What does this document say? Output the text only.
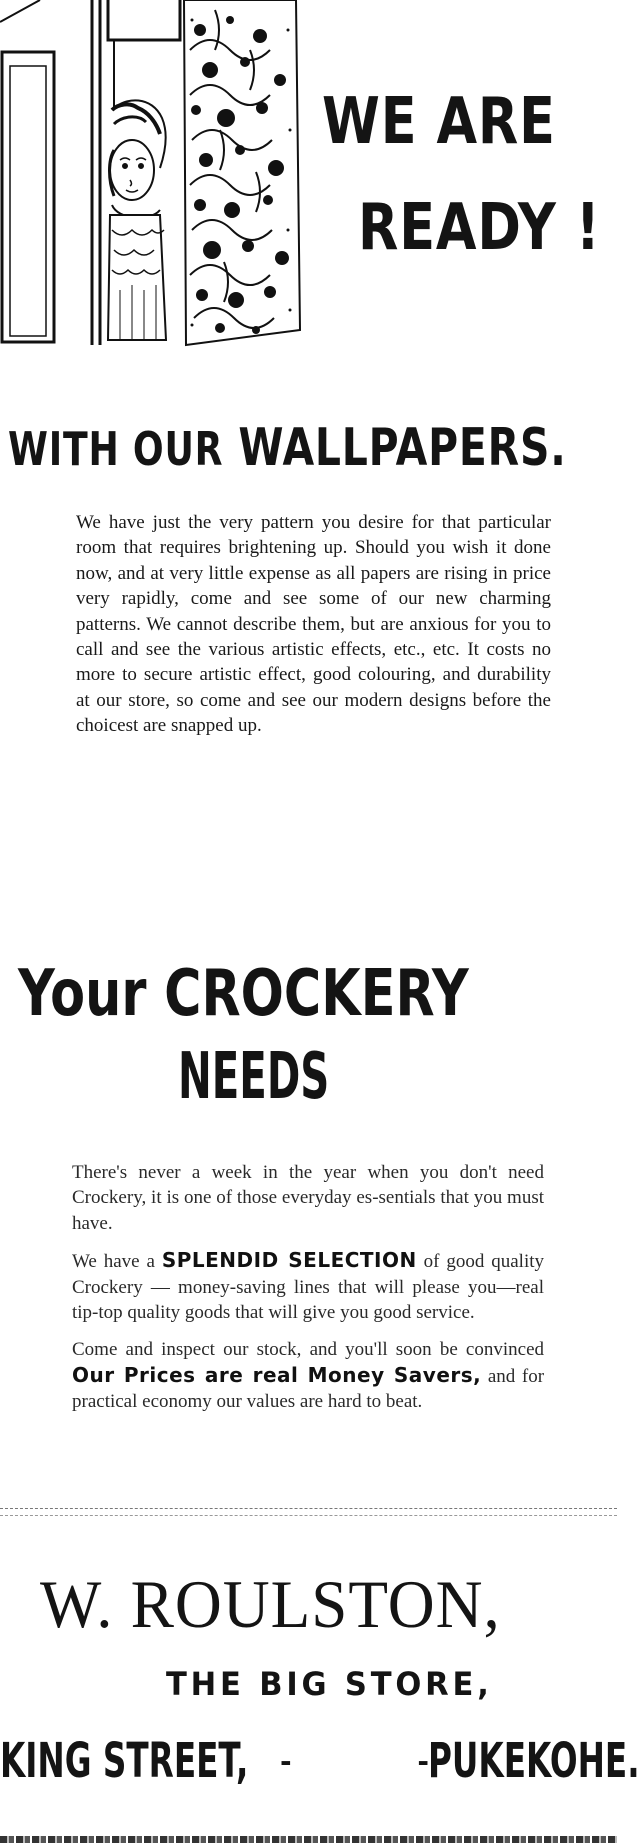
WE ARE
READY !
WITH OUR WALLPAPERS.
We have just the very pattern you desire for that particular room that requires brightening up. Should you wish it done now, and at very little expense as all papers are rising in price very rapidly, come and see some of our new charming patterns. We cannot describe them, but are anxious for you to call and see the various artistic effects, etc., etc. It costs no more to secure artistic effect, good colouring, and durability at our store, so come and see our modern designs before the choicest are snapped up.
Your CROCKERY
NEEDS

There's never a week in the year when you don't need Crockery, it is one of those everyday es-sentials that you must have.

We have a SPLENDID SELECTION of good quality Crockery — money-saving lines that will please you—real tip-top quality goods that will give you good service.

Come and inspect our stock, and you'll soon be convinced Our Prices are real Money Savers, and for practical economy our values are hard to beat.

W. ROULSTON,
THE BIG STORE,
KING STREET, - -
PUKEKOHE.
